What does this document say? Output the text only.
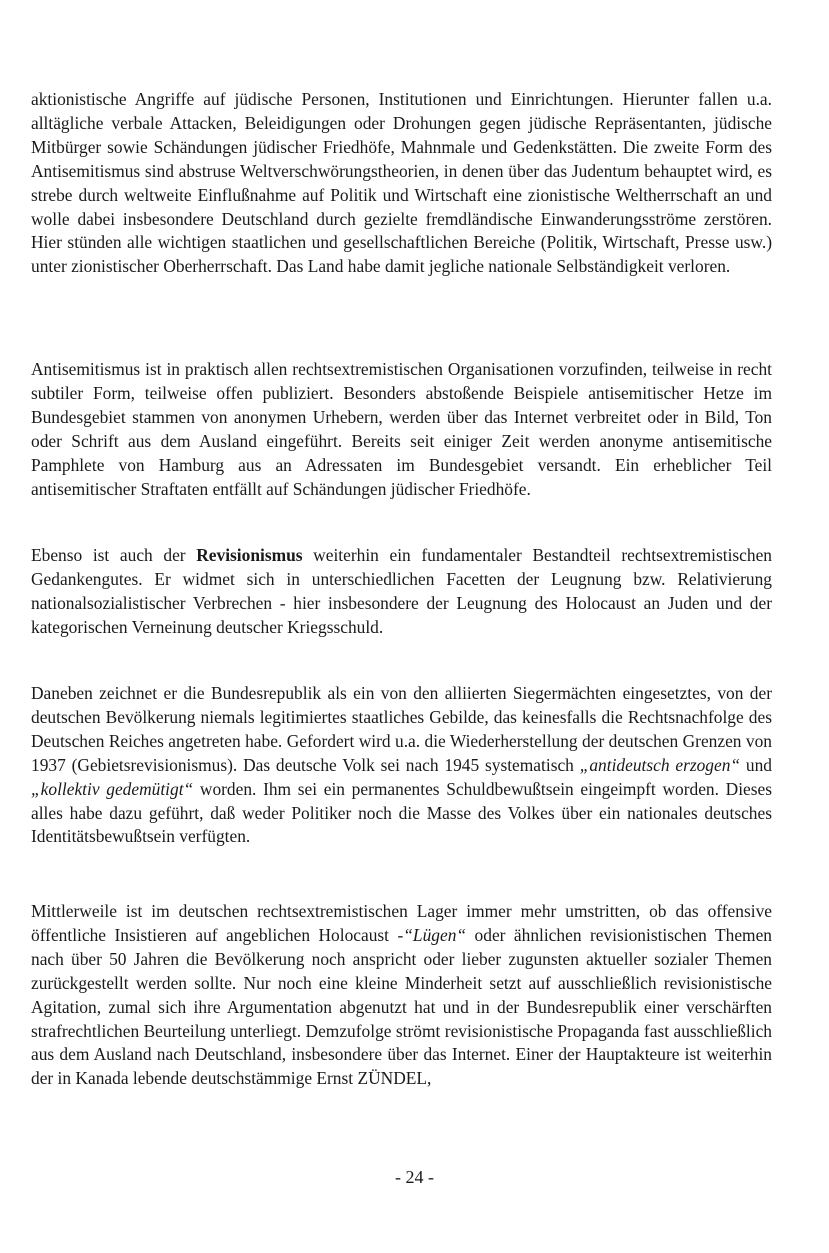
aktionistische Angriffe auf jüdische Personen, Institutionen und Einrichtungen. Hierunter fallen u.a. alltägliche verbale Attacken, Beleidigungen oder Drohungen gegen jüdische Repräsentanten, jüdische Mitbürger sowie Schändungen jüdischer Friedhöfe, Mahnmale und Gedenkstätten. Die zweite Form des Antisemitismus sind abstruse Weltverschwörungstheorien, in denen über das Judentum behauptet wird, es strebe durch weltweite Einflußnahme auf Politik und Wirtschaft eine zionistische Weltherrschaft an und wolle dabei insbesondere Deutschland durch gezielte fremdländische Einwanderungsströme zerstören. Hier stünden alle wichtigen staatlichen und gesellschaftlichen Bereiche (Politik, Wirtschaft, Presse usw.) unter zionistischer Oberherrschaft. Das Land habe damit jegliche nationale Selbständigkeit verloren.

Antisemitismus ist in praktisch allen rechtsextremistischen Organisationen vorzufinden, teilweise in recht subtiler Form, teilweise offen publiziert. Besonders abstoßende Beispiele antisemitischer Hetze im Bundesgebiet stammen von anonymen Urhebern, werden über das Internet verbreitet oder in Bild, Ton oder Schrift aus dem Ausland eingeführt. Bereits seit einiger Zeit werden anonyme antisemitische Pamphlete von Hamburg aus an Adressaten im Bundesgebiet versandt. Ein erheblicher Teil antisemitischer Straftaten entfällt auf Schändungen jüdischer Friedhöfe.

Ebenso ist auch der Revisionismus weiterhin ein fundamentaler Bestandteil rechtsextremistischen Gedankengutes. Er widmet sich in unterschiedlichen Facetten der Leugnung bzw. Relativierung nationalsozialistischer Verbrechen - hier insbesondere der Leugnung des Holocaust an Juden und der kategorischen Verneinung deutscher Kriegsschuld.

Daneben zeichnet er die Bundesrepublik als ein von den alliierten Siegermächten eingesetztes, von der deutschen Bevölkerung niemals legitimiertes staatliches Gebilde, das keinesfalls die Rechtsnachfolge des Deutschen Reiches angetreten habe. Gefordert wird u.a. die Wiederherstellung der deutschen Grenzen von 1937 (Gebietsrevisionismus). Das deutsche Volk sei nach 1945 systematisch „antideutsch erzogen“ und „kollektiv gedemütigt“ worden. Ihm sei ein permanentes Schuldbewußtsein eingeimpft worden. Dieses alles habe dazu geführt, daß weder Politiker noch die Masse des Volkes über ein nationales deutsches Identitätsbewußtsein verfügten.

Mittlerweile ist im deutschen rechtsextremistischen Lager immer mehr umstritten, ob das offensive öffentliche Insistieren auf angeblichen Holocaust -“Lügen“ oder ähnlichen revisionistischen Themen nach über 50 Jahren die Bevölkerung noch anspricht oder lieber zugunsten aktueller sozialer Themen zurückgestellt werden sollte. Nur noch eine kleine Minderheit setzt auf ausschließlich revisionistische Agitation, zumal sich ihre Argumentation abgenutzt hat und in der Bundesrepublik einer verschärften strafrechtlichen Beurteilung unterliegt. Demzufolge strömt revisionistische Propaganda fast ausschließlich aus dem Ausland nach Deutschland, insbesondere über das Internet. Einer der Hauptakteure ist weiterhin der in Kanada lebende deutschstämmige Ernst ZÜNDEL,

- 24 -
